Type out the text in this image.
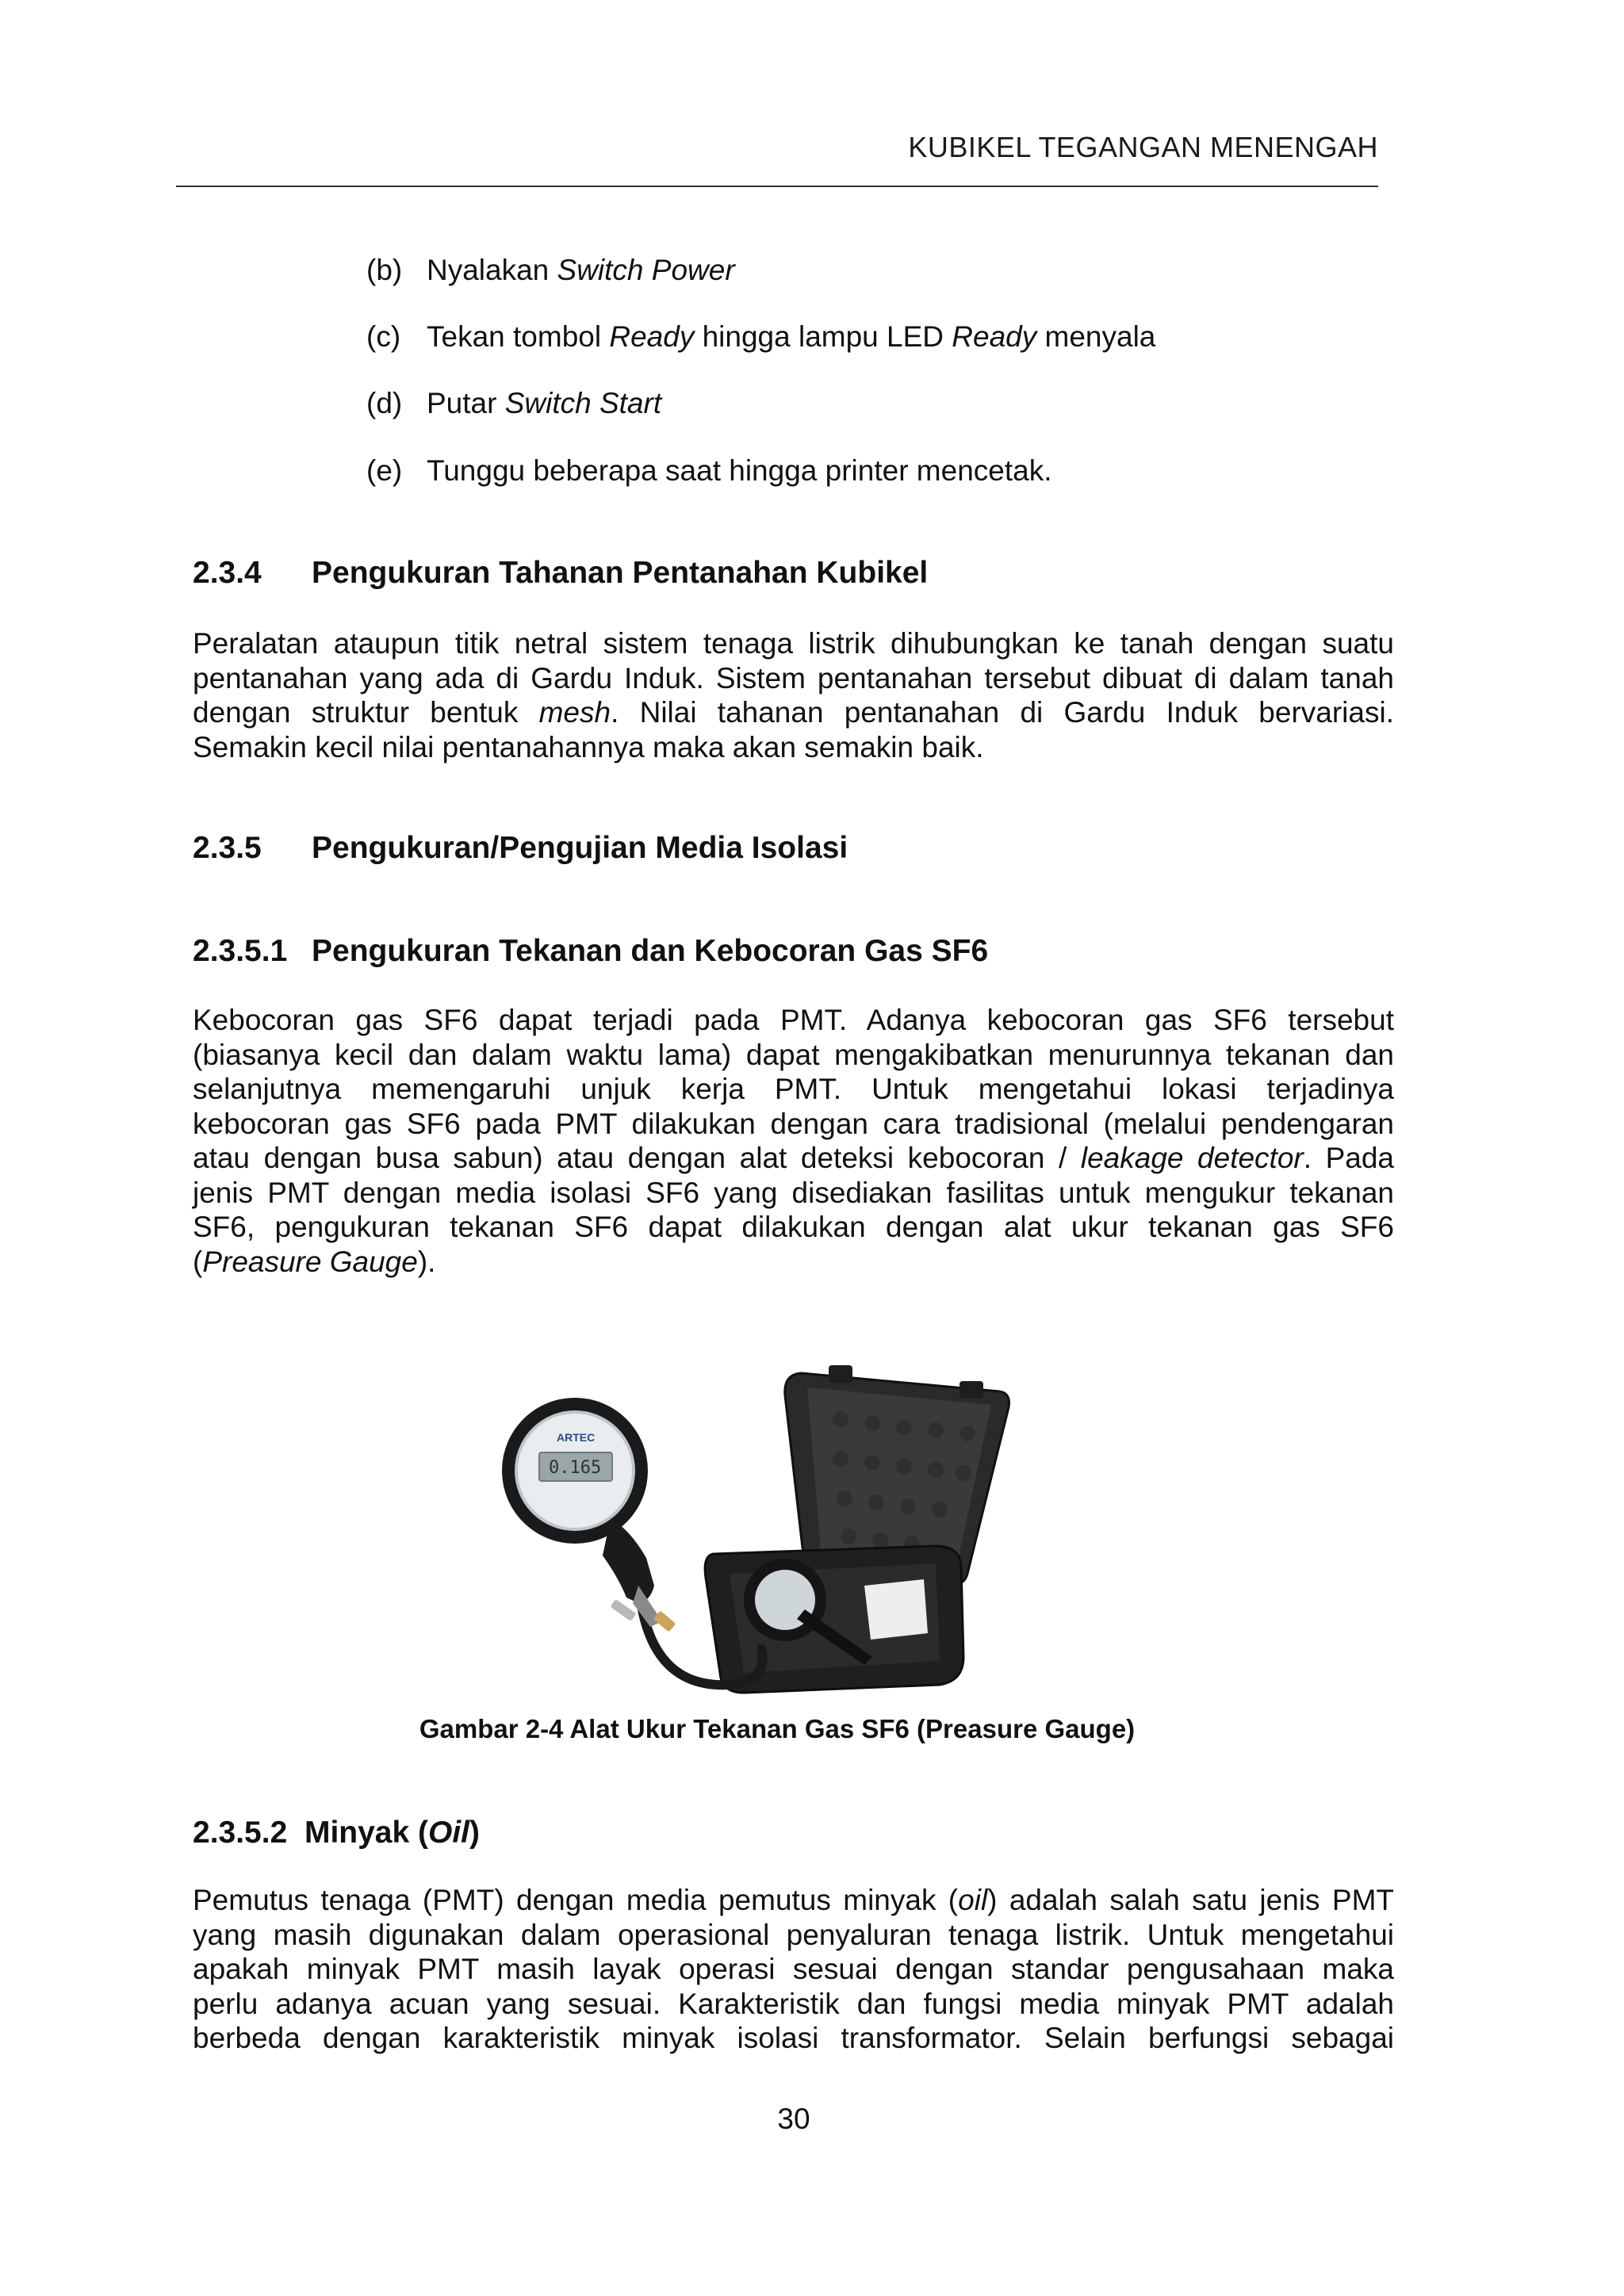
KUBIKEL TEGANGAN MENENGAH
(b) Nyalakan Switch Power
(c) Tekan tombol Ready hingga lampu LED Ready menyala
(d) Putar Switch Start
(e) Tunggu beberapa saat hingga printer mencetak.
2.3.4 Pengukuran Tahanan Pentanahan Kubikel
Peralatan ataupun titik netral sistem tenaga listrik dihubungkan ke tanah dengan suatu
pentanahan yang ada di Gardu Induk. Sistem pentanahan tersebut dibuat di dalam tanah
dengan struktur bentuk mesh. Nilai tahanan pentanahan di Gardu Induk bervariasi.
Semakin kecil nilai pentanahannya maka akan semakin baik.
2.3.5 Pengukuran/Pengujian Media Isolasi
2.3.5.1 Pengukuran Tekanan dan Kebocoran Gas SF6
Kebocoran gas SF6 dapat terjadi pada PMT. Adanya kebocoran gas SF6 tersebut
(biasanya kecil dan dalam waktu lama) dapat mengakibatkan menurunnya tekanan dan
selanjutnya memengaruhi unjuk kerja PMT. Untuk mengetahui lokasi terjadinya
kebocoran gas SF6 pada PMT dilakukan dengan cara tradisional (melalui pendengaran
atau dengan busa sabun) atau dengan alat deteksi kebocoran / leakage detector. Pada
jenis PMT dengan media isolasi SF6 yang disediakan fasilitas untuk mengukur tekanan
SF6, pengukuran tekanan SF6 dapat dilakukan dengan alat ukur tekanan gas SF6
(Preasure Gauge).
ARTEC
0.165
Gambar 2-4 Alat Ukur Tekanan Gas SF6 (Preasure Gauge)
2.3.5.2 Minyak (Oil)
Pemutus tenaga (PMT) dengan media pemutus minyak (oil) adalah salah satu jenis PMT
yang masih digunakan dalam operasional penyaluran tenaga listrik. Untuk mengetahui
apakah minyak PMT masih layak operasi sesuai dengan standar pengusahaan maka
perlu adanya acuan yang sesuai. Karakteristik dan fungsi media minyak PMT adalah
berbeda dengan karakteristik minyak isolasi transformator. Selain berfungsi sebagai
30
